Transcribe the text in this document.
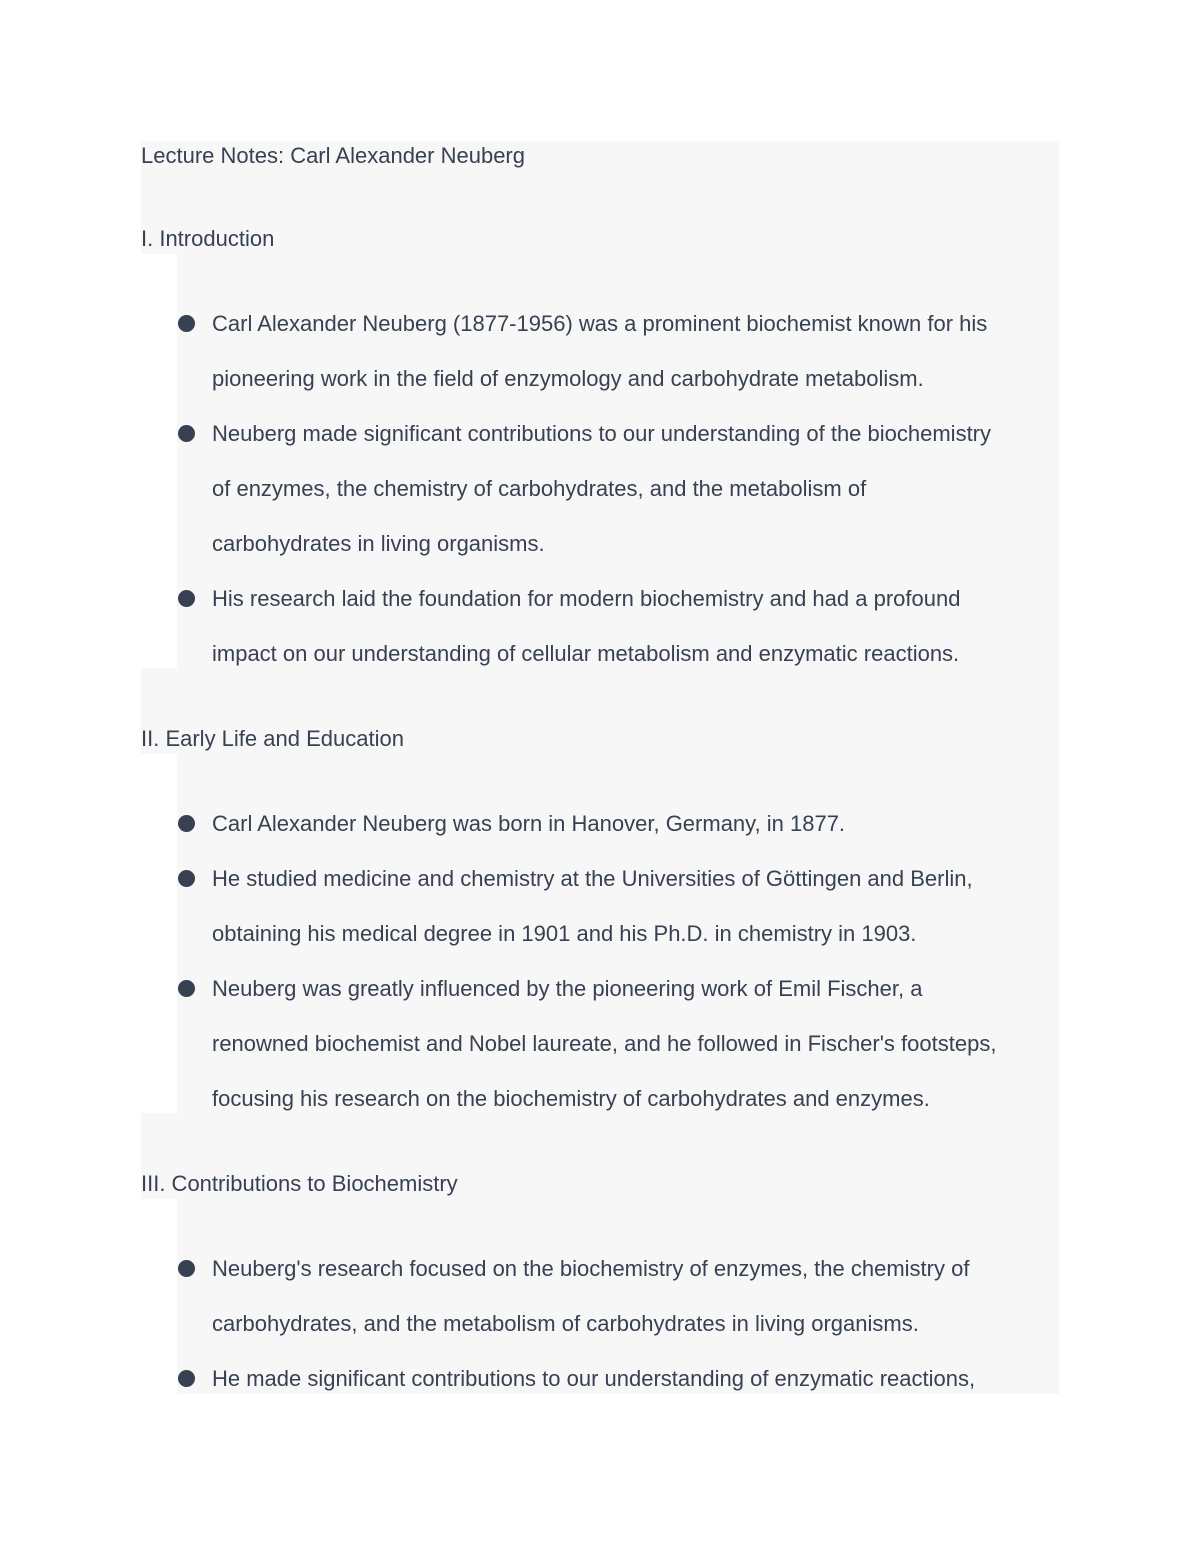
Lecture Notes: Carl Alexander Neuberg
I. Introduction
Carl Alexander Neuberg (1877-1956) was a prominent biochemist known for his
pioneering work in the field of enzymology and carbohydrate metabolism.
Neuberg made significant contributions to our understanding of the biochemistry
of enzymes, the chemistry of carbohydrates, and the metabolism of
carbohydrates in living organisms.
His research laid the foundation for modern biochemistry and had a profound
impact on our understanding of cellular metabolism and enzymatic reactions.
II. Early Life and Education
Carl Alexander Neuberg was born in Hanover, Germany, in 1877.
He studied medicine and chemistry at the Universities of Göttingen and Berlin,
obtaining his medical degree in 1901 and his Ph.D. in chemistry in 1903.
Neuberg was greatly influenced by the pioneering work of Emil Fischer, a
renowned biochemist and Nobel laureate, and he followed in Fischer's footsteps,
focusing his research on the biochemistry of carbohydrates and enzymes.
III. Contributions to Biochemistry
Neuberg's research focused on the biochemistry of enzymes, the chemistry of
carbohydrates, and the metabolism of carbohydrates in living organisms.
He made significant contributions to our understanding of enzymatic reactions,
